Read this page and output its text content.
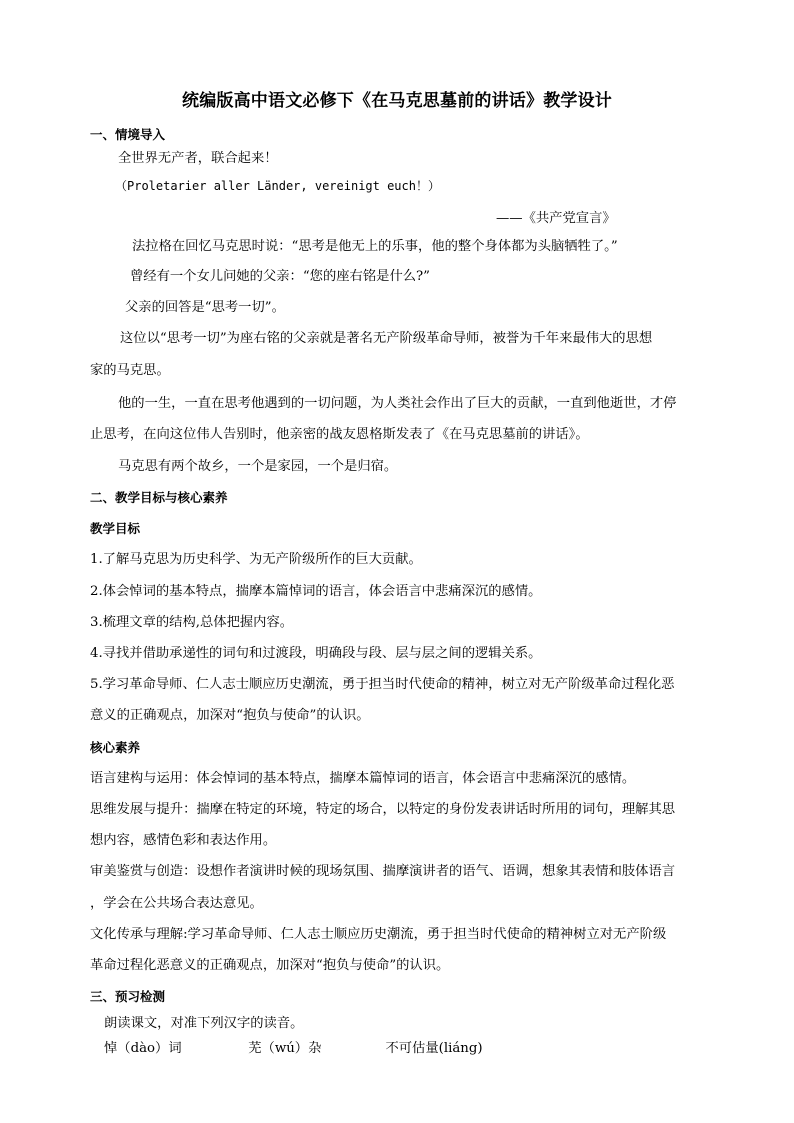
统编版高中语文必修下《在马克思墓前的讲话》教学设计
一、情境导入
全世界无产者，联合起来！
（Proletarier aller Länder, vereinigt euch！）
——《共产党宣言》
法拉格在回忆马克思时说：“思考是他无上的乐事，他的整个身体都为头脑牺牲了。”
曾经有一个女儿问她的父亲：“您的座右铭是什么?”
父亲的回答是“思考一切”。
这位以“思考一切”为座右铭的父亲就是著名无产阶级革命导师，被誉为千年来最伟大的思想
家的马克思。
他的一生，一直在思考他遇到的一切问题，为人类社会作出了巨大的贡献，一直到他逝世，才停
止思考，在向这位伟人告别时，他亲密的战友恩格斯发表了《在马克思墓前的讲话》。
马克思有两个故乡，一个是家园，一个是归宿。
二、教学目标与核心素养
教学目标
1.了解马克思为历史科学、为无产阶级所作的巨大贡献。
2.体会悼词的基本特点，揣摩本篇悼词的语言，体会语言中悲痛深沉的感情。
3.梳理文章的结构,总体把握内容。
4.寻找并借助承递性的词句和过渡段，明确段与段、层与层之间的逻辑关系。
5.学习革命导师、仁人志士顺应历史潮流，勇于担当时代使命的精神，树立对无产阶级革命过程化恶
意义的正确观点，加深对“抱负与使命”的认识。
核心素养
语言建构与运用：体会悼词的基本特点，揣摩本篇悼词的语言，体会语言中悲痛深沉的感情。
思维发展与提升：揣摩在特定的环境，特定的场合，以特定的身份发表讲话时所用的词句，理解其思
想内容，感情色彩和表达作用。
审美鉴赏与创造：设想作者演讲时候的现场氛围、揣摩演讲者的语气、语调，想象其表情和肢体语言
，学会在公共场合表达意见。
文化传承与理解:学习革命导师、仁人志士顺应历史潮流，勇于担当时代使命的精神树立对无产阶级
革命过程化恶意义的正确观点，加深对“抱负与使命”的认识。
三、预习检测
朗读课文，对准下列汉字的读音。
悼（dào）词	芜（wú）杂	不可估量(liáng)
